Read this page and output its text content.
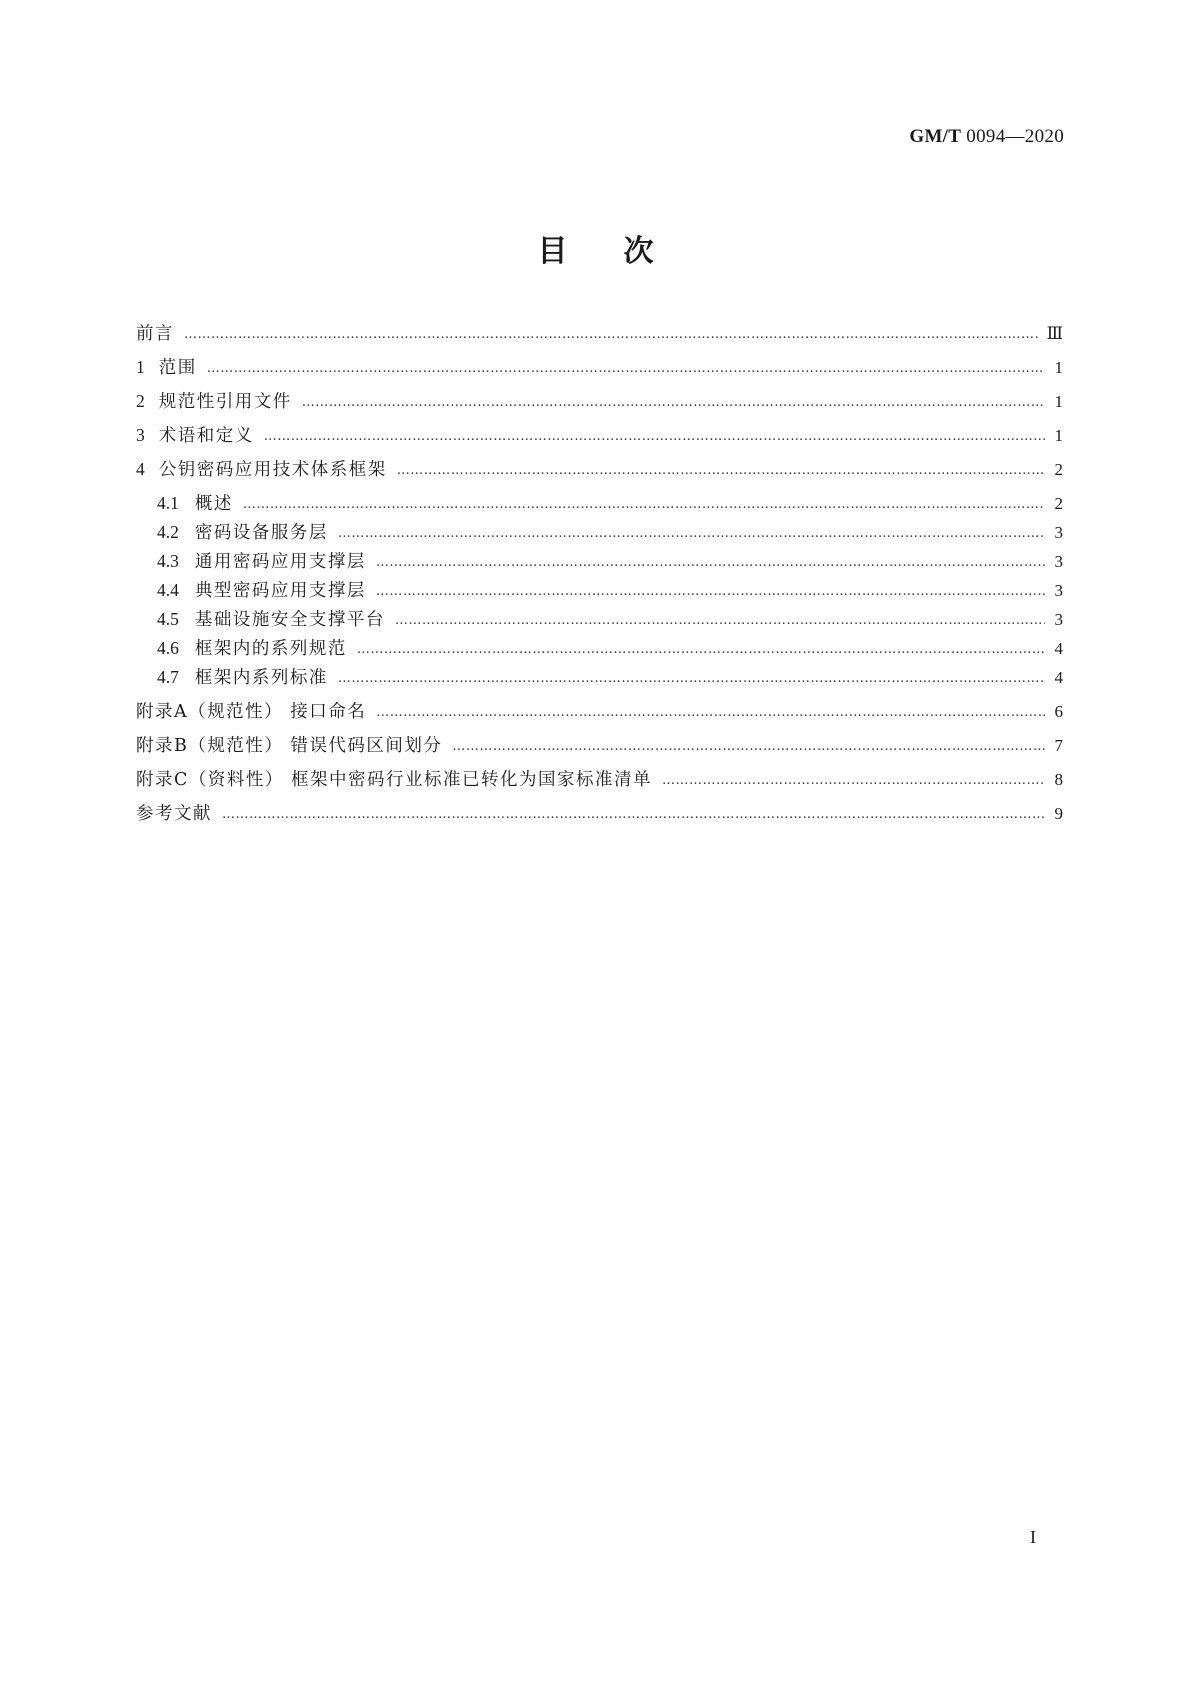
GM/T 0094—2020
目次
前言 ……………………………………………………………………………………………………………………………………………………………………………………………………………………………………………………………………………………………………………………………	Ⅲ
1 范围 ……………………………………………………………………………………………………………………………………………………………………………………………………………………………………………………………………………………………………………………………	1
2 规范性引用文件 ……………………………………………………………………………………………………………………………………………………………………………………………………………………………………………………………………………………………………………………………	1
3 术语和定义 ……………………………………………………………………………………………………………………………………………………………………………………………………………………………………………………………………………………………………………………………	1
4 公钥密码应用技术体系框架 ……………………………………………………………………………………………………………………………………………………………………………………………………………………………………………………………………………………………………………………………	2
4.1 概述 ……………………………………………………………………………………………………………………………………………………………………………………………………………………………………………………………………………………………………………………………	2
4.2 密码设备服务层 ……………………………………………………………………………………………………………………………………………………………………………………………………………………………………………………………………………………………………………………………	3
4.3 通用密码应用支撑层 ……………………………………………………………………………………………………………………………………………………………………………………………………………………………………………………………………………………………………………………………	3
4.4 典型密码应用支撑层 ……………………………………………………………………………………………………………………………………………………………………………………………………………………………………………………………………………………………………………………………	3
4.5 基础设施安全支撑平台 ……………………………………………………………………………………………………………………………………………………………………………………………………………………………………………………………………………………………………………………………	3
4.6 框架内的系列规范 ……………………………………………………………………………………………………………………………………………………………………………………………………………………………………………………………………………………………………………………………	4
4.7 框架内系列标准 ……………………………………………………………………………………………………………………………………………………………………………………………………………………………………………………………………………………………………………………………	4
附录A（规范性） 接口命名 ……………………………………………………………………………………………………………………………………………………………………………………………………………………………………………………………………………………………………………………………	6
附录B（规范性） 错误代码区间划分 ……………………………………………………………………………………………………………………………………………………………………………………………………………………………………………………………………………………………………………………………	7
附录C（资料性） 框架中密码行业标准已转化为国家标准清单 ……………………………………………………………………………………………………………………………………………………………………………………………………………………………………………………………………………………………………………………………	8
参考文献 ……………………………………………………………………………………………………………………………………………………………………………………………………………………………………………………………………………………………………………………………	9
I
